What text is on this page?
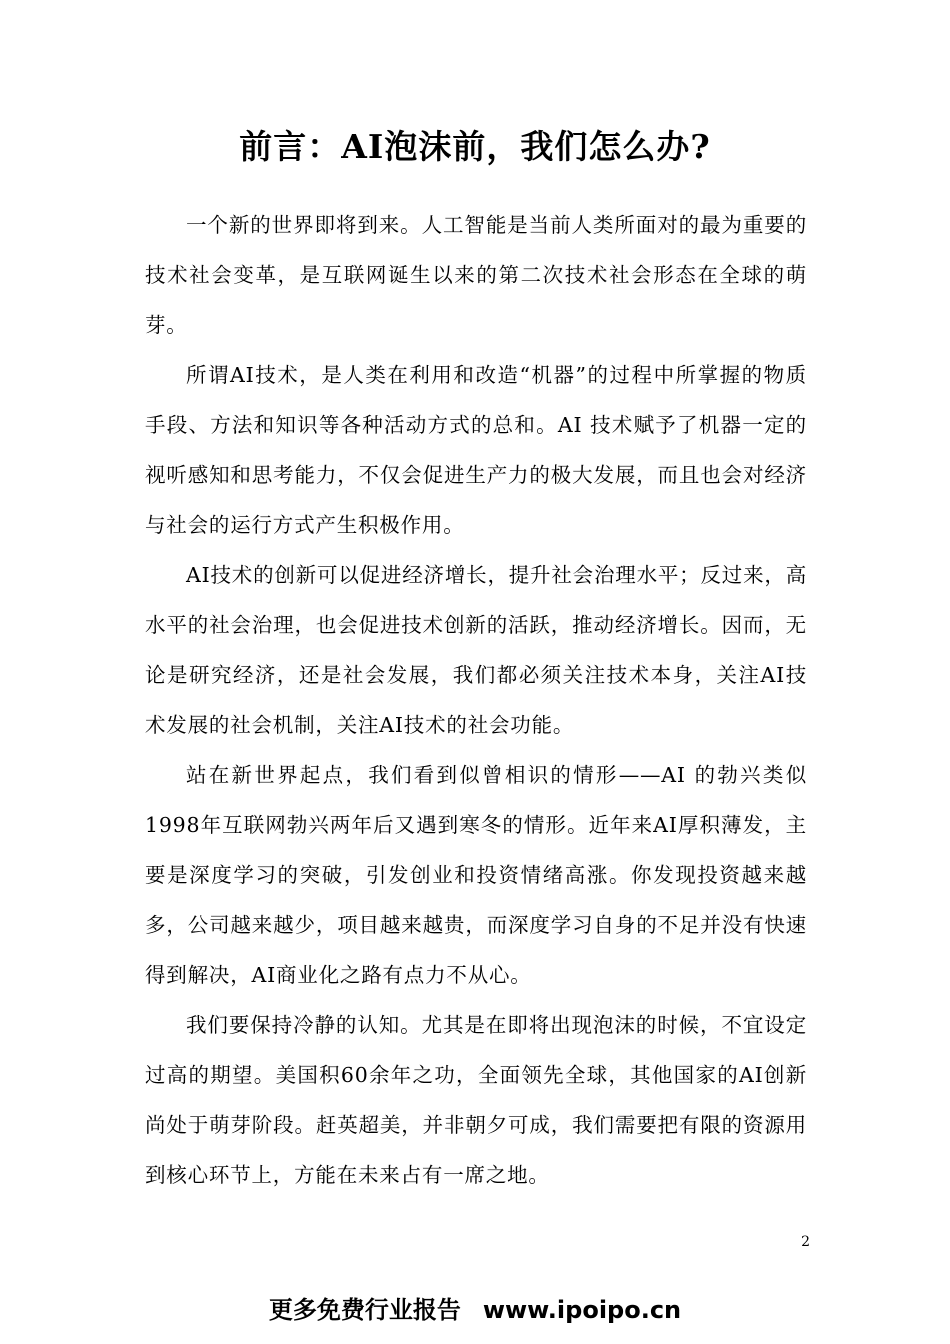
前言：AI泡沫前，我们怎么办?

一个新的世界即将到来。人工智能是当前人类所面对的最为重要的技术社会变革，是互联网诞生以来的第二次技术社会形态在全球的萌芽。

所谓AI技术，是人类在利用和改造“机器”的过程中所掌握的物质手段、方法和知识等各种活动方式的总和。AI 技术赋予了机器一定的视听感知和思考能力，不仅会促进生产力的极大发展，而且也会对经济与社会的运行方式产生积极作用。

AI技术的创新可以促进经济增长，提升社会治理水平；反过来，高水平的社会治理，也会促进技术创新的活跃，推动经济增长。因而，无论是研究经济，还是社会发展，我们都必须关注技术本身，关注AI技术发展的社会机制，关注AI技术的社会功能。

站在新世界起点，我们看到似曾相识的情形——AI 的勃兴类似1998年互联网勃兴两年后又遇到寒冬的情形。近年来AI厚积薄发，主要是深度学习的突破，引发创业和投资情绪高涨。你发现投资越来越多，公司越来越少，项目越来越贵，而深度学习自身的不足并没有快速得到解决，AI商业化之路有点力不从心。

我们要保持冷静的认知。尤其是在即将出现泡沫的时候，不宜设定过高的期望。美国积60余年之功，全面领先全球，其他国家的AI创新尚处于萌芽阶段。赶英超美，并非朝夕可成，我们需要把有限的资源用到核心环节上，方能在未来占有一席之地。

2
更多免费行业报告 www.ipoipo.cn
